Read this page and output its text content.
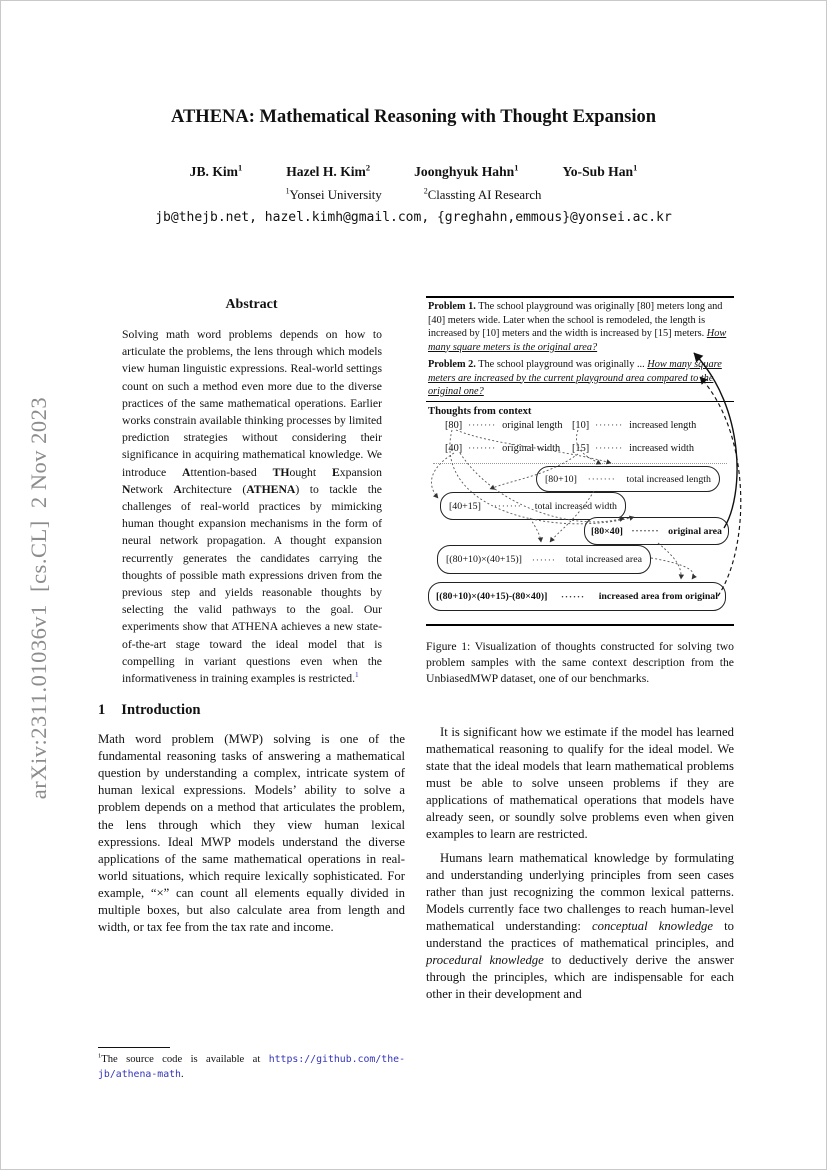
arXiv:2311.01036v1  [cs.CL]  2 Nov 2023
ATHENA: Mathematical Reasoning with Thought Expansion
JB. Kim$^1$	Hazel H. Kim$^2$	Joonghyuk Hahn$^1$	Yo-Sub Han$^1$
$^1$Yonsei University	$^2$Classting AI Research
jb@thejb.net, hazel.kimh@gmail.com, {greghahn,emmous}@yonsei.ac.kr
Abstract

Solving math word problems depends on how to articulate the problems, the lens through which models view human linguistic expressions. Real-world settings count on such a method even more due to the diverse practices of the same mathematical operations. Earlier works constrain available thinking processes by limited prediction strategies without considering their significance in acquiring mathematical knowledge. We introduce Attention-based THought Expansion Network Architecture (ATHENA) to tackle the challenges of real-world practices by mimicking human thought expansion mechanisms in the form of neural network propagation. A thought expansion recurrently generates the candidates carrying the thoughts of possible math expressions driven from the previous step and yields reasonable thoughts by selecting the valid pathways to the goal. Our experiments show that ATHENA achieves a new state-of-the-art stage toward the ideal model that is compelling in variant questions even when the informativeness in training examples is restricted.$^1$

1 Introduction

Math word problem (MWP) solving is one of the fundamental reasoning tasks of answering a mathematical question by understanding a complex, intricate system of human lexical expressions. Models’ ability to solve a problem depends on a method that articulates the problem, the lens through which they view human lexical expressions. Ideal MWP models understand the diverse applications of the same mathematical operations in real-world situations, which require lexically sophisticated. For example, “×” can count all elements equally divided in multiple boxes, but also calculate area from length and width, or tax fee from the tax rate and income.

$^1$The source code is available at https://github.com/the-jb/athena-math.

Problem 1. The school playground was originally [80] meters long and [40] meters wide. Later when the school is remodeled, the length is increased by [10] meters and the width is increased by [15] meters. How many square meters is the original area?

Problem 2. The school playground was originally ... How many square meters are increased by the current playground area compared to the original one?

Thoughts from context
[80] ······· original length [10] ······· increased length
[40] ······· original width [15] ······· increased width
[80+10] ······· total increased length
[40+15] ······· total increased width
[80×40] ······· original area
[(80+10)×(40+15)] ······ total increased area
[(80+10)×(40+15)-(80×40)] ······ increased area from original

Figure 1: Visualization of thoughts constructed for solving two problem samples with the same context description from the UnbiasedMWP dataset, one of our benchmarks.

It is significant how we estimate if the model has learned mathematical reasoning to qualify for the ideal model. We state that the ideal models that learn mathematical problems must be able to solve unseen problems if they are applications of mathematical operations that models have already seen, or soundly solve problems even when given examples to learn are restricted.

Humans learn mathematical knowledge by formulating and understanding underlying principles from seen cases rather than just recognizing the common lexical patterns. Models currently face two challenges to reach human-level mathematical understanding: conceptual knowledge to understand the practices of mathematical principles, and procedural knowledge to deductively derive the answer through the principles, which are indispensable for each other in their development and
